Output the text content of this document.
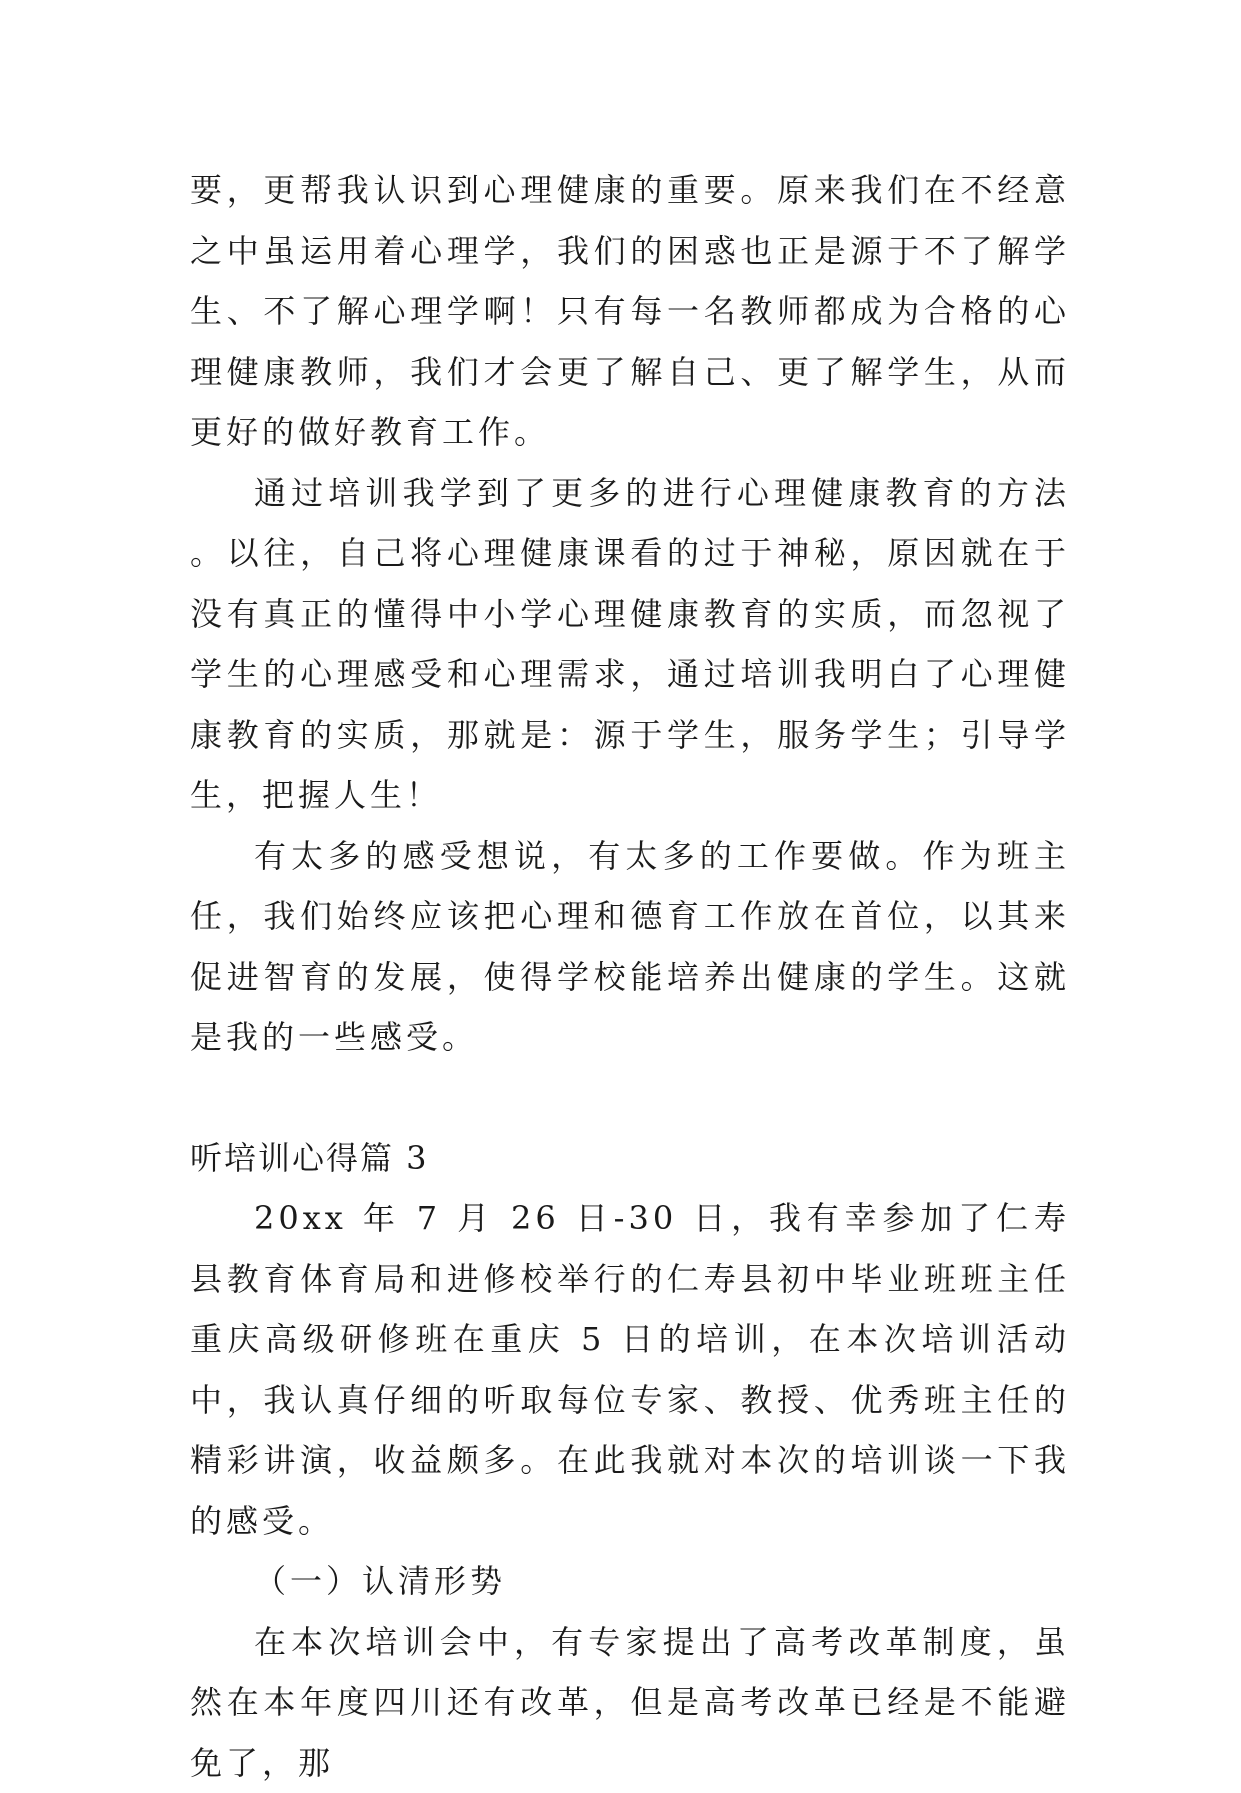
要，更帮我认识到心理健康的重要。原来我们在不经意之中虽运用着心理学，我们的困惑也正是源于不了解学生、不了解心理学啊！只有每一名教师都成为合格的心理健康教师，我们才会更了解自己、更了解学生，从而更好的做好教育工作。

通过培训我学到了更多的进行心理健康教育的方法。以往，自己将心理健康课看的过于神秘，原因就在于没有真正的懂得中小学心理健康教育的实质，而忽视了学生的心理感受和心理需求，通过培训我明白了心理健康教育的实质，那就是：源于学生，服务学生；引导学生，把握人生！

有太多的感受想说，有太多的工作要做。作为班主任，我们始终应该把心理和德育工作放在首位，以其来促进智育的发展，使得学校能培养出健康的学生。这就是我的一些感受。

听培训心得篇 3

20xx 年 7 月 26 日-30 日，我有幸参加了仁寿县教育体育局和进修校举行的仁寿县初中毕业班班主任重庆高级研修班在重庆 5 日的培训，在本次培训活动中，我认真仔细的听取每位专家、教授、优秀班主任的精彩讲演，收益颇多。在此我就对本次的培训谈一下我的感受。

（一）认清形势

在本次培训会中，有专家提出了高考改革制度，虽然在本年度四川还有改革，但是高考改革已经是不能避免了，那
